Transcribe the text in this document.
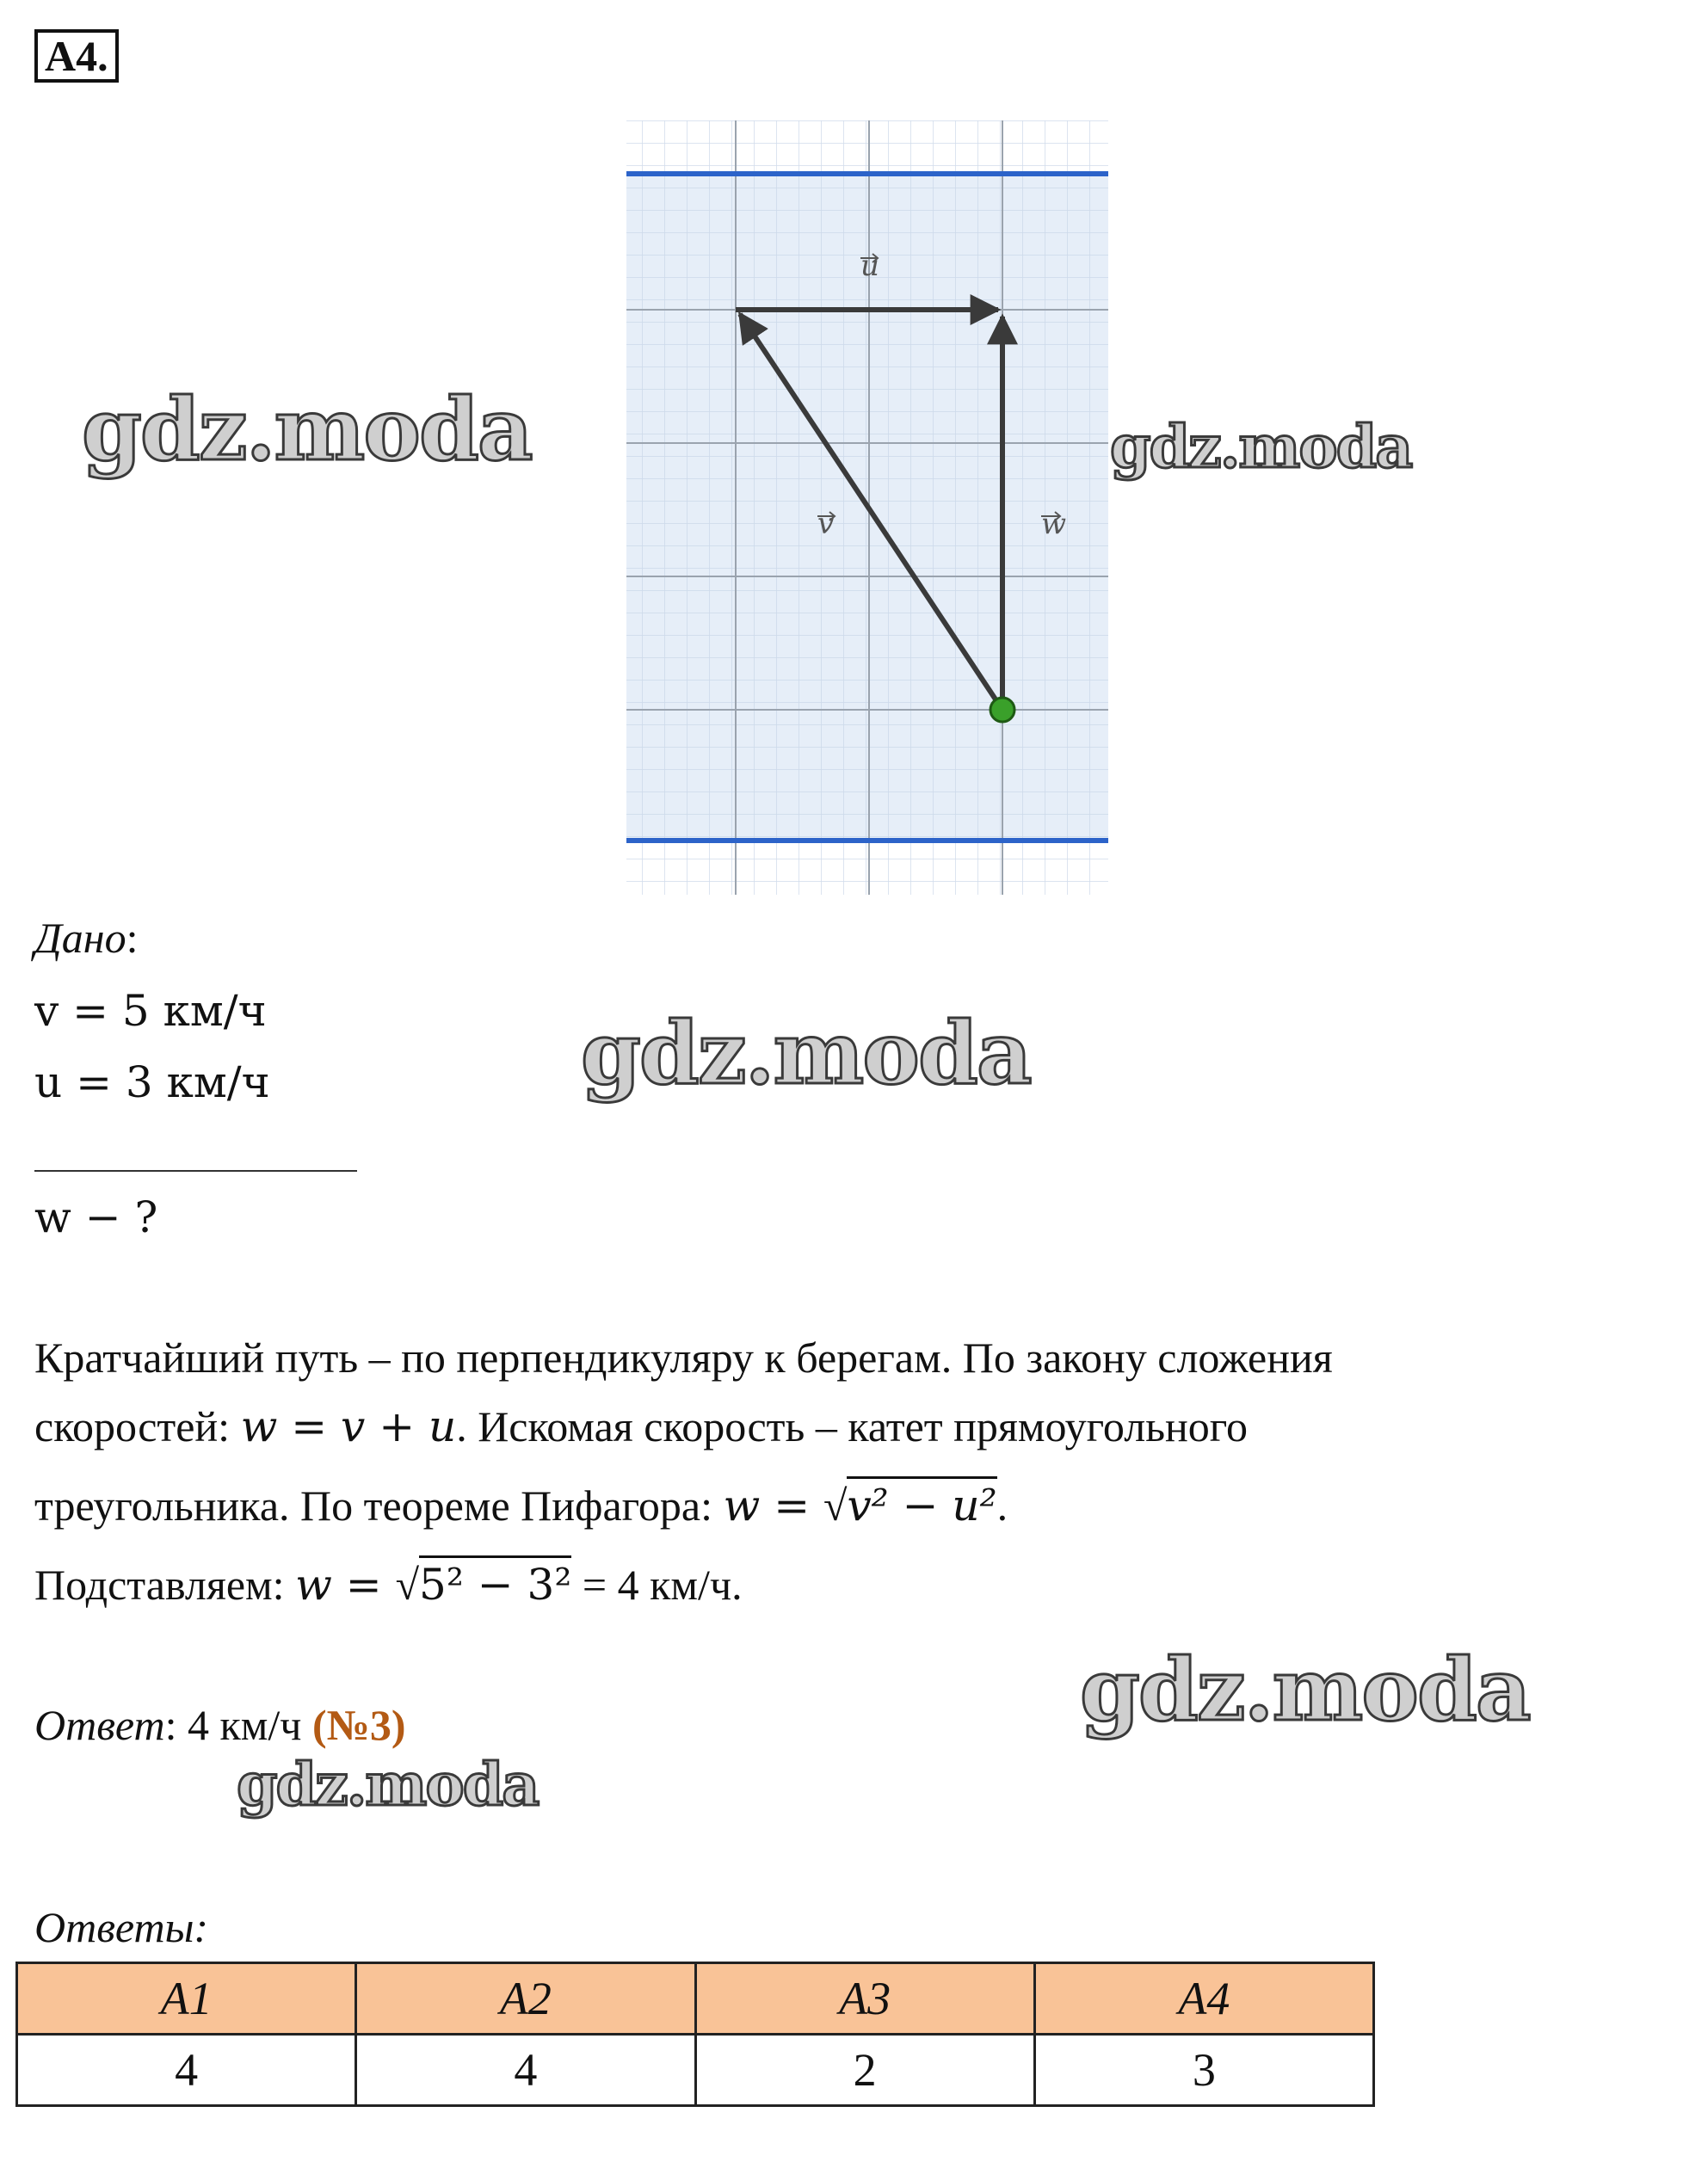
А4.
u
v	w
gdz.moda	gdz.moda
gdz.moda
gdz.moda
gdz.moda
Дано:
v = 5 км/ч
u = 3 км/ч
w − ?
Кратчайший путь – по перпендикуляру к берегам. По закону сложения
скоростей: w = v + u. Искомая скорость – катет прямоугольного
треугольника. По теореме Пифагора: w = √v² − u².
Подставляем: w = √5² − 3² = 4 км/ч.
Ответ: 4 км/ч (№3)
Ответы:
А1	А2	А3	А4
4	4	2	3
